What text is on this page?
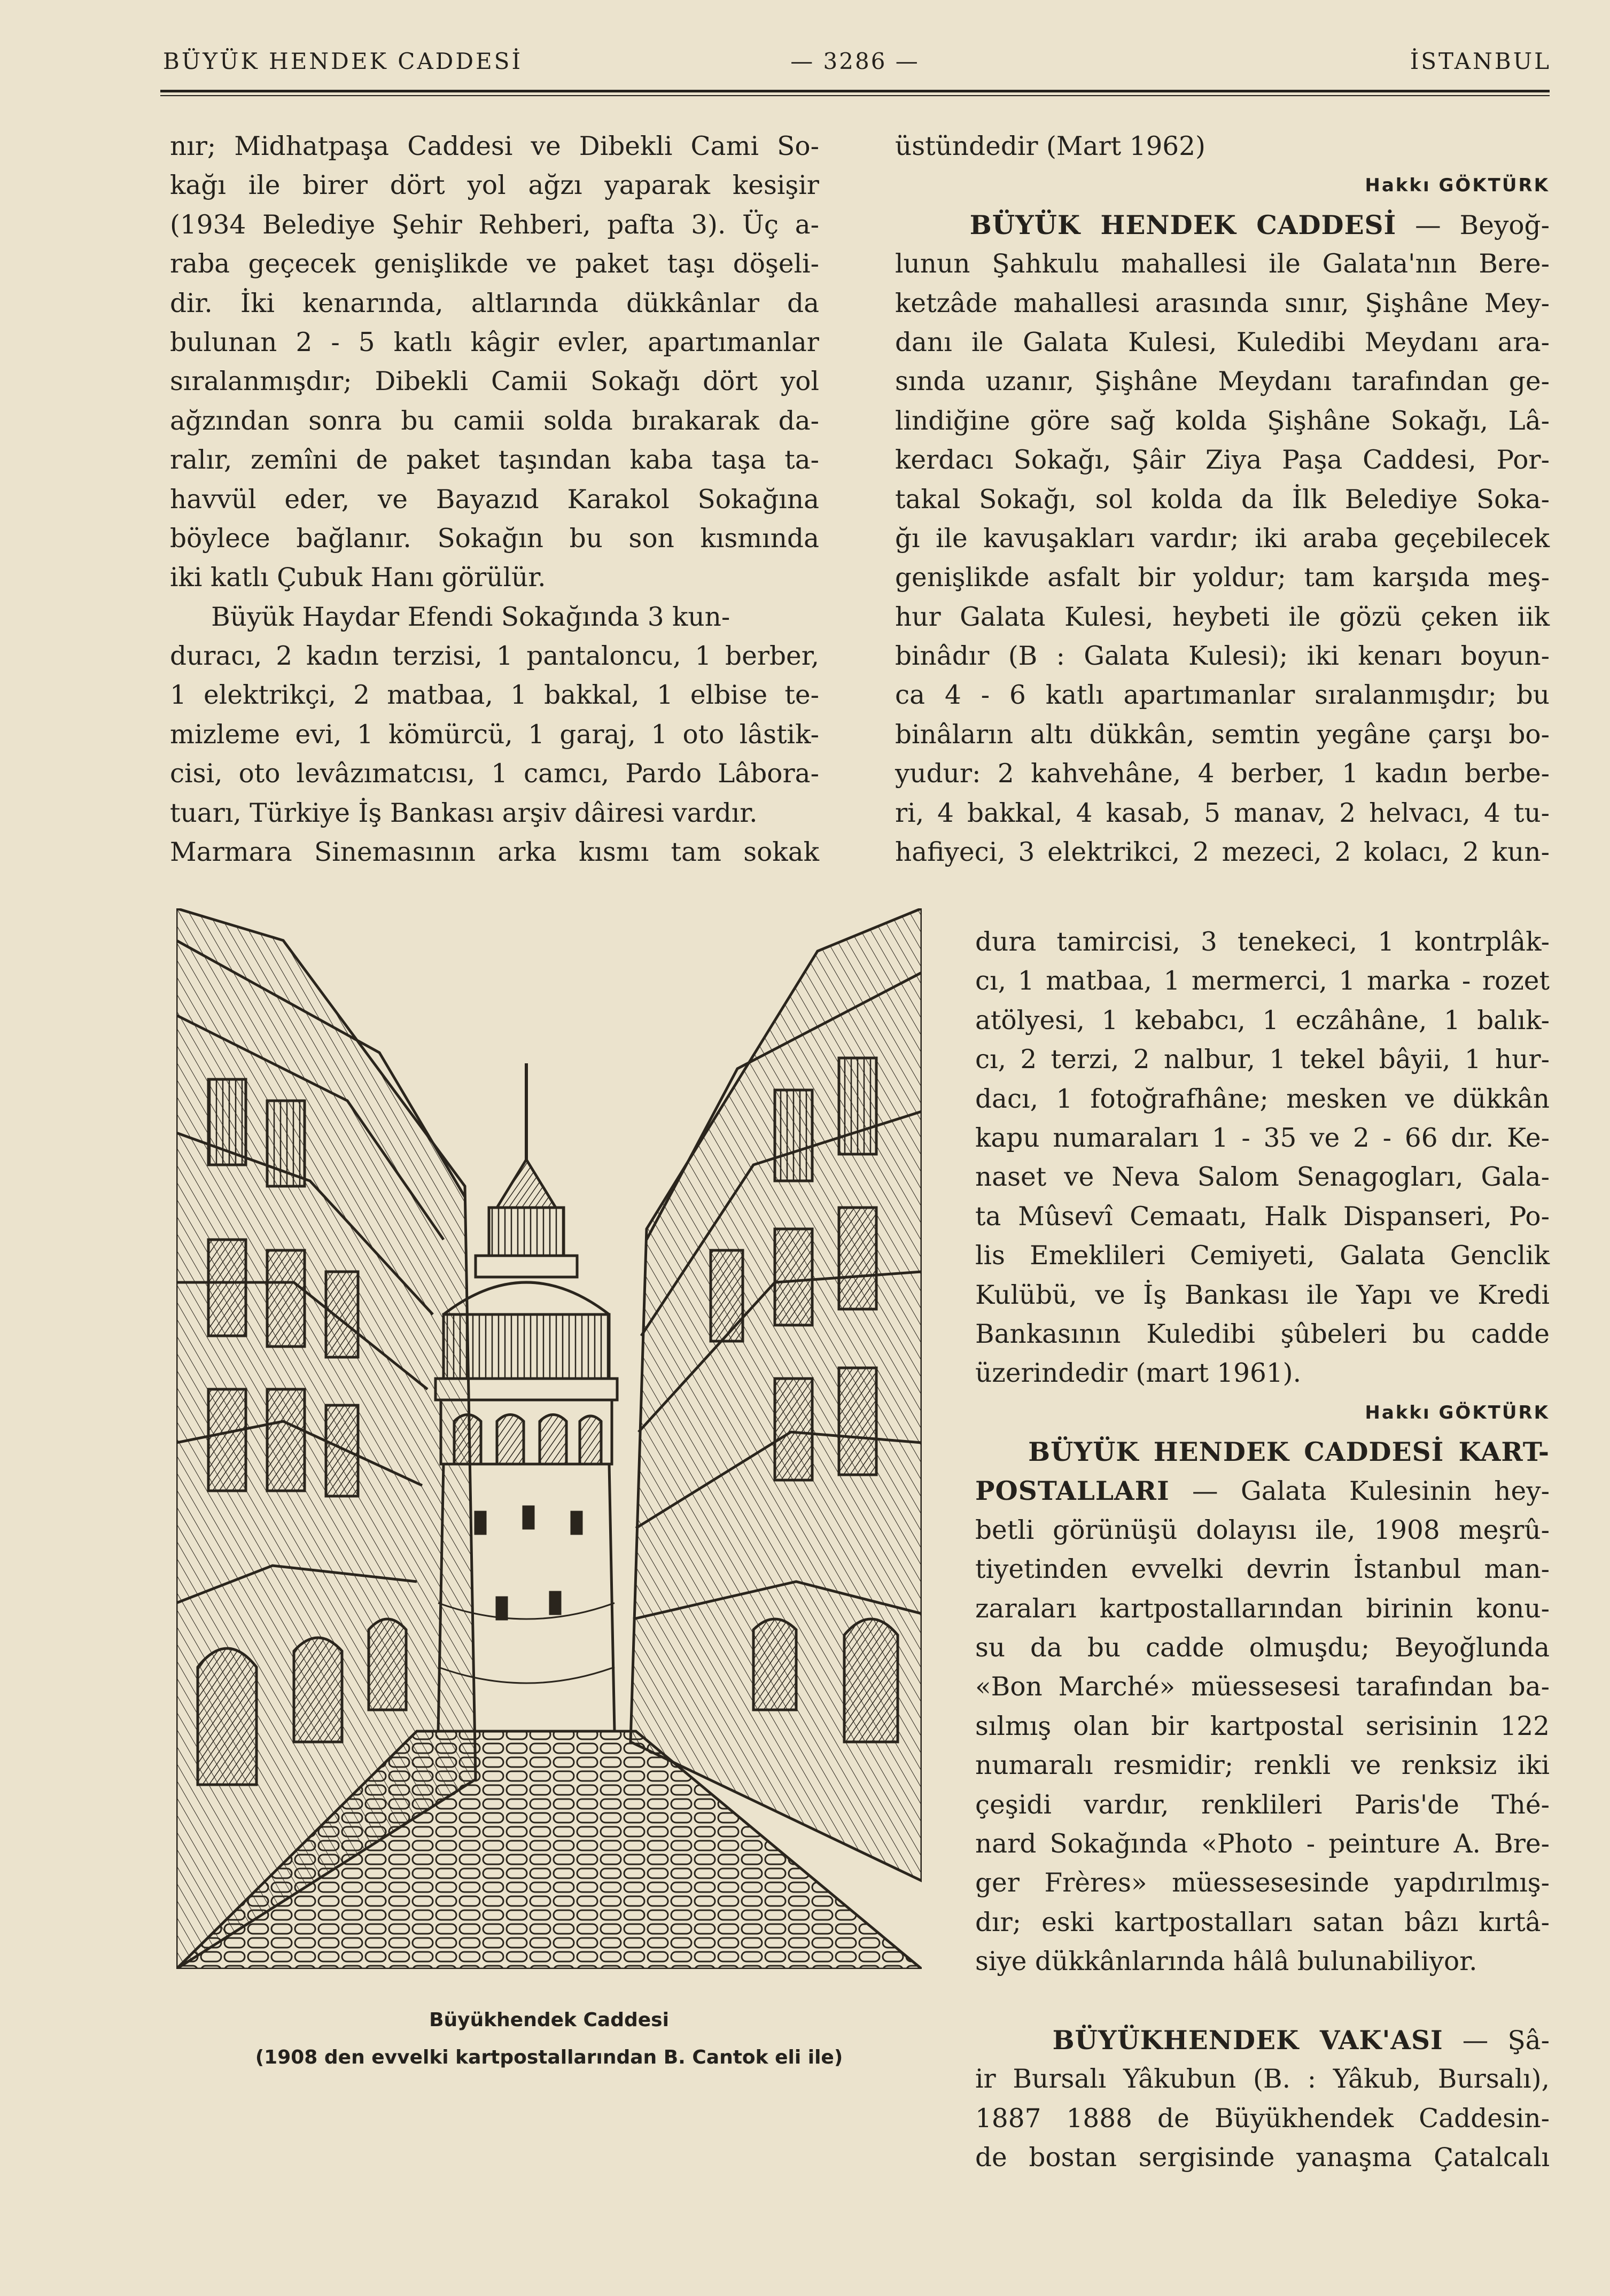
BÜYÜK HENDEK CADDESİ	— 3286 —	İSTANBUL
nır; Midhatpaşa Caddesi ve Dibekli Cami So-
kağı ile birer dört yol ağzı yaparak kesişir
(1934 Belediye Şehir Rehberi, pafta 3). Üç a-
raba geçecek genişlikde ve paket taşı döşeli-
dir. İki kenarında, altlarında dükkânlar da
bulunan 2 - 5 katlı kâgir evler, apartımanlar
sıralanmışdır; Dibekli Camii Sokağı dört yol
ağzından sonra bu camii solda bırakarak da-
ralır, zemîni de paket taşından kaba taşa ta-
havvül eder, ve Bayazıd Karakol Sokağına
böylece bağlanır. Sokağın bu son kısmında
iki katlı Çubuk Hanı görülür.
Büyük Haydar Efendi Sokağında 3 kun-
duracı, 2 kadın terzisi, 1 pantaloncu, 1 berber,
1 elektrikçi, 2 matbaa, 1 bakkal, 1 elbise te-
mizleme evi, 1 kömürcü, 1 garaj, 1 oto lâstik-
cisi, oto levâzımatcısı, 1 camcı, Pardo Lâbora-
tuarı, Türkiye İş Bankası arşiv dâiresi vardır.
Marmara Sinemasının arka kısmı tam sokak
Büyükhendek Caddesi
(1908 den evvelki kartpostallarından B. Cantok eli ile)
üstündedir (Mart 1962)
Hakkı GÖKTÜRK
BÜYÜK HENDEK CADDESİ — Beyoğ-
lunun Şahkulu mahallesi ile Galata'nın Bere-
ketzâde mahallesi arasında sınır, Şişhâne Mey-
danı ile Galata Kulesi, Kuledibi Meydanı ara-
sında uzanır, Şişhâne Meydanı tarafından ge-
lindiğine göre sağ kolda Şişhâne Sokağı, Lâ-
kerdacı Sokağı, Şâir Ziya Paşa Caddesi, Por-
takal Sokağı, sol kolda da İlk Belediye Soka-
ğı ile kavuşakları vardır; iki araba geçebilecek
genişlikde asfalt bir yoldur; tam karşıda meş-
hur Galata Kulesi, heybeti ile gözü çeken iik
binâdır (B : Galata Kulesi); iki kenarı boyun-
ca 4 - 6 katlı apartımanlar sıralanmışdır; bu
binâların altı dükkân, semtin yegâne çarşı bo-
yudur: 2 kahvehâne, 4 berber, 1 kadın berbe-
ri, 4 bakkal, 4 kasab, 5 manav, 2 helvacı, 4 tu-
hafiyeci, 3 elektrikci, 2 mezeci, 2 kolacı, 2 kun-
dura tamircisi, 3 tenekeci, 1 kontrplâk-
cı, 1 matbaa, 1 mermerci, 1 marka - rozet
atölyesi, 1 kebabcı, 1 eczâhâne, 1 balık-
cı, 2 terzi, 2 nalbur, 1 tekel bâyii, 1 hur-
dacı, 1 fotoğrafhâne; mesken ve dükkân
kapu numaraları 1 - 35 ve 2 - 66 dır. Ke-
naset ve Neva Salom Senagogları, Gala-
ta Mûsevî Cemaatı, Halk Dispanseri, Po-
lis Emeklileri Cemiyeti, Galata Genclik
Kulübü, ve İş Bankası ile Yapı ve Kredi
Bankasının Kuledibi şûbeleri bu cadde
üzerindedir (mart 1961).
Hakkı GÖKTÜRK
BÜYÜK HENDEK CADDESİ KART-
POSTALLARI — Galata Kulesinin hey-
betli görünüşü dolayısı ile, 1908 meşrû-
tiyetinden evvelki devrin İstanbul man-
zaraları kartpostallarından birinin konu-
su da bu cadde olmuşdu; Beyoğlunda
«Bon Marché» müessesesi tarafından ba-
sılmış olan bir kartpostal serisinin 122
numaralı resmidir; renkli ve renksiz iki
çeşidi vardır, renklileri Paris'de Thé-
nard Sokağında «Photo - peinture A. Bre-
ger Frères» müessesesinde yapdırılmış-
dır; eski kartpostalları satan bâzı kırtâ-
siye dükkânlarında hâlâ bulunabiliyor.
BÜYÜKHENDEK VAK'ASI — Şâ-
ir Bursalı Yâkubun (B. : Yâkub, Bursalı),
1887 1888 de Büyükhendek Caddesin-
de bostan sergisinde yanaşma Çatalcalı
